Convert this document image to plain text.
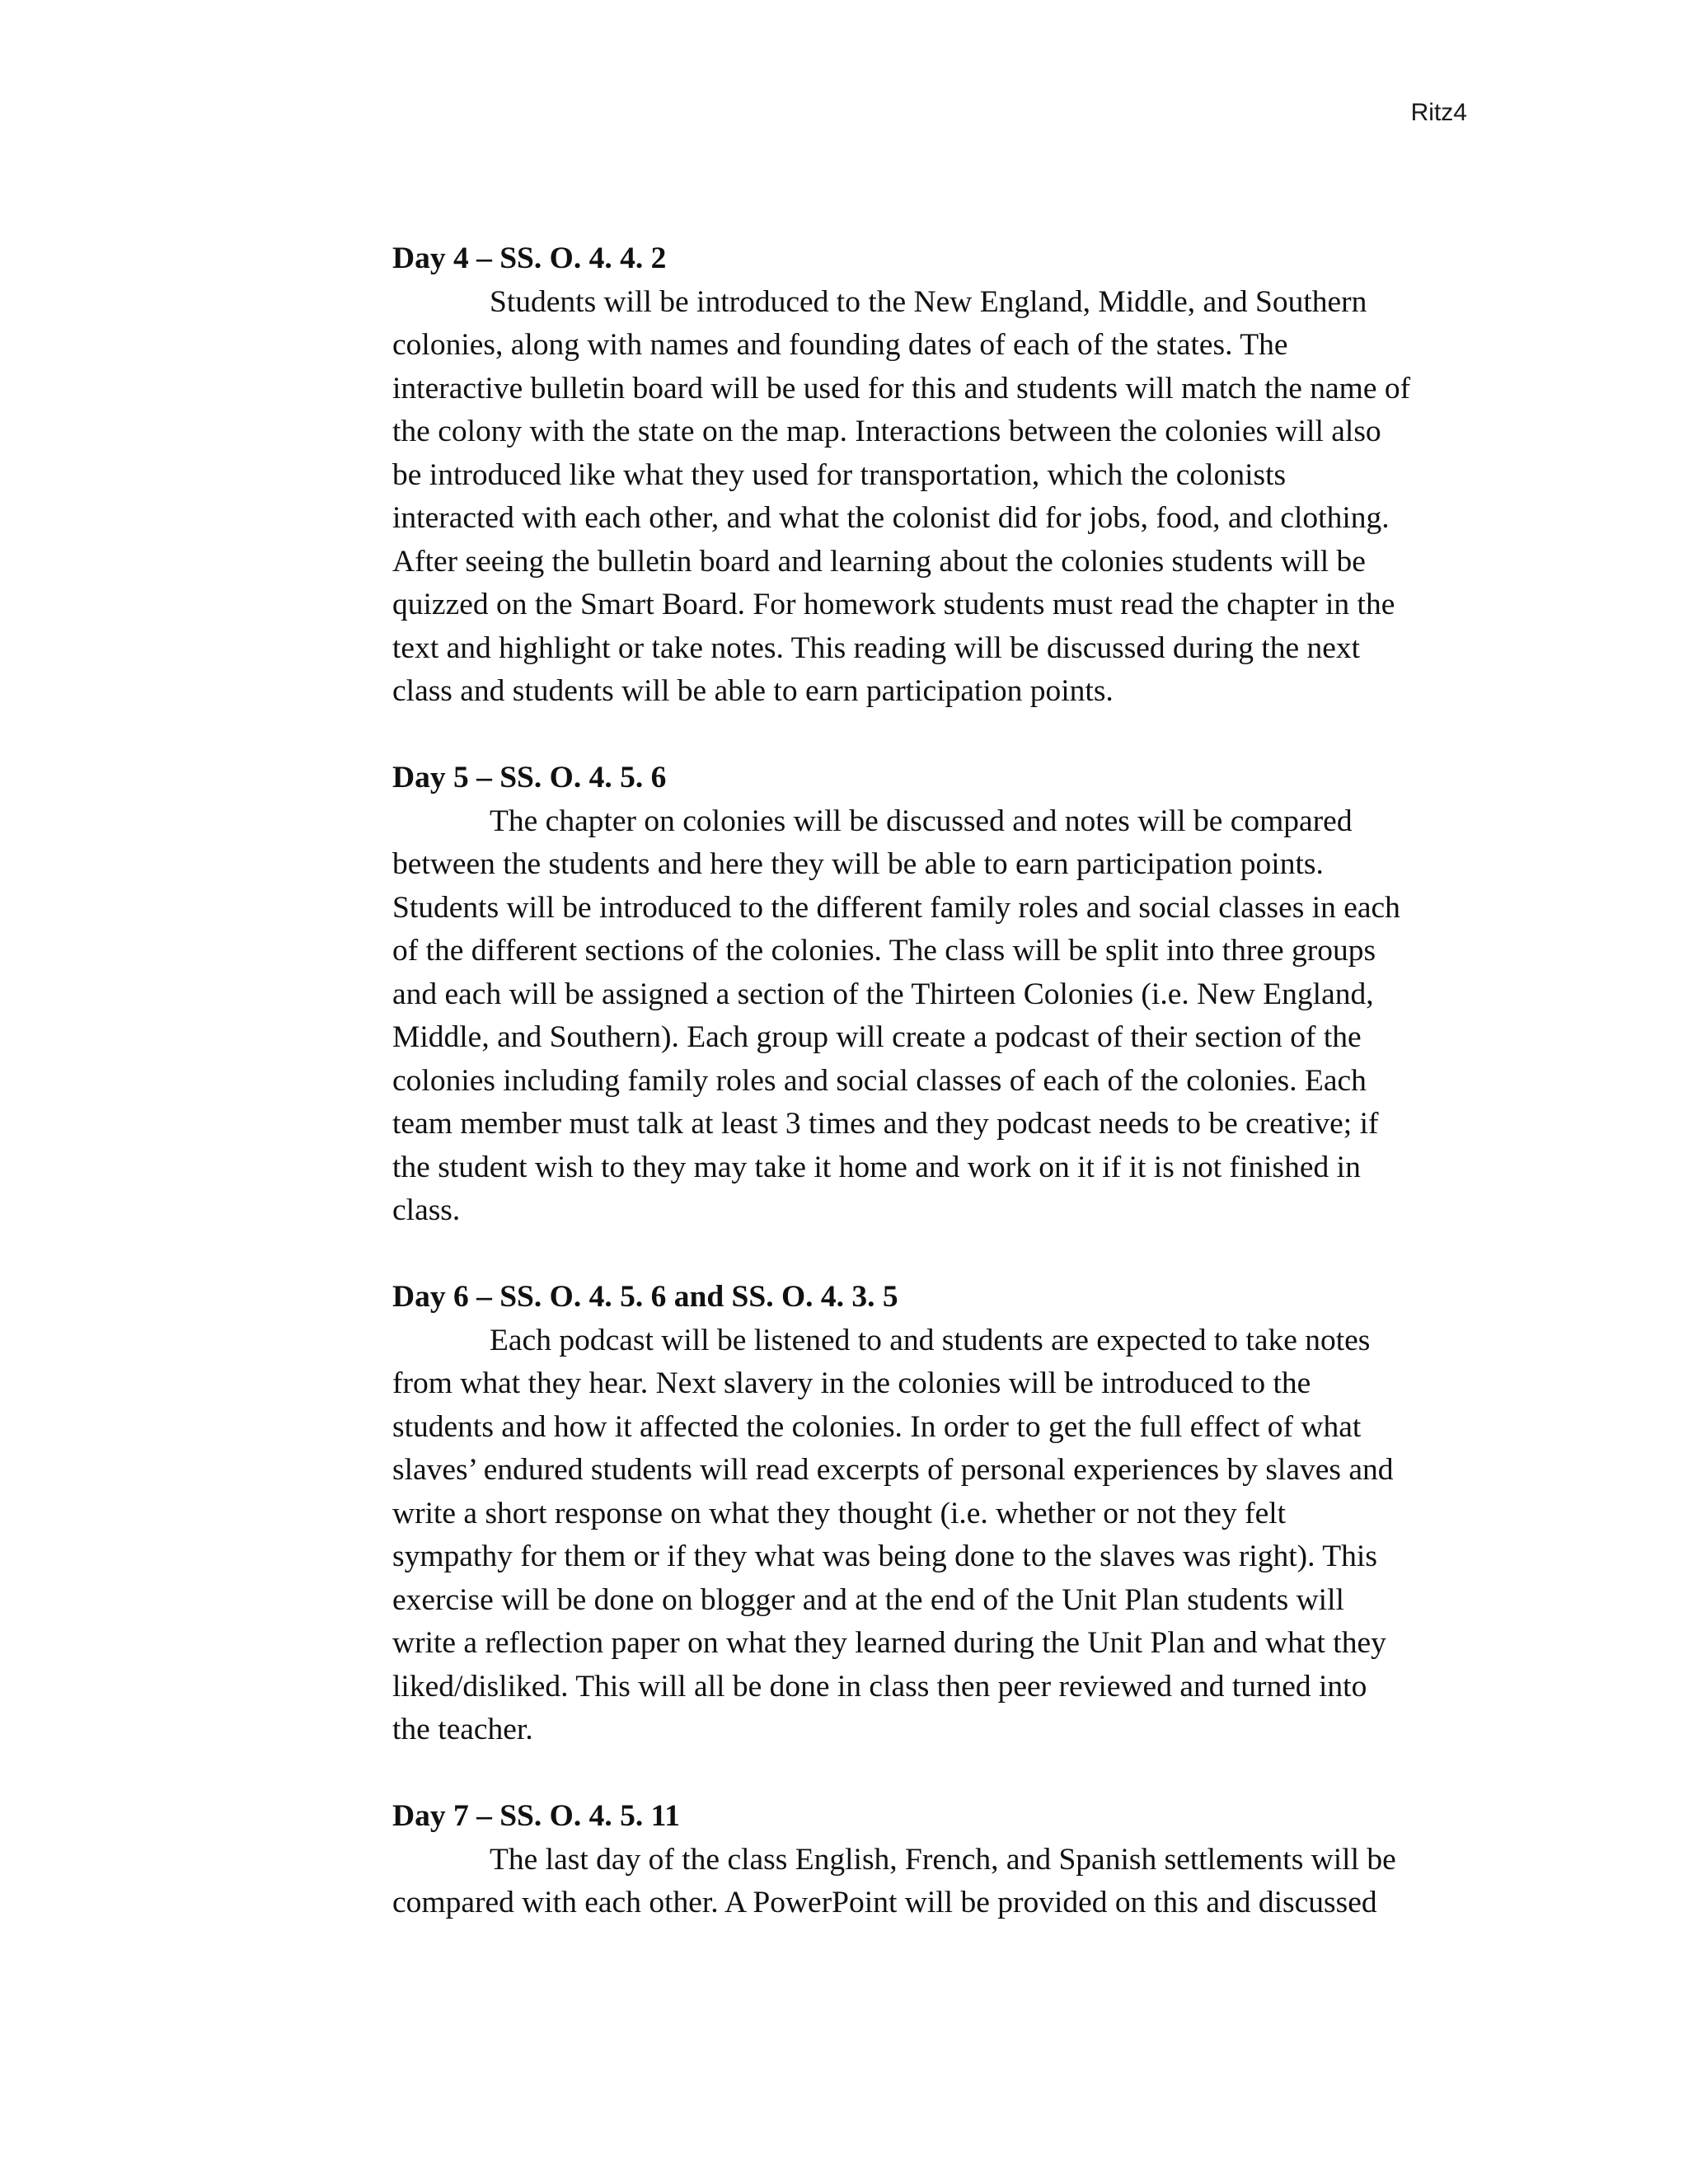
Ritz4
Day 4 – SS. O. 4. 4. 2
Students will be introduced to the New England, Middle, and Southern
colonies, along with names and founding dates of each of the states. The
interactive bulletin board will be used for this and students will match the name of
the colony with the state on the map. Interactions between the colonies will also
be introduced like what they used for transportation, which the colonists
interacted with each other, and what the colonist did for jobs, food, and clothing.
After seeing the bulletin board and learning about the colonies students will be
quizzed on the Smart Board. For homework students must read the chapter in the
text and highlight or take notes. This reading will be discussed during the next
class and students will be able to earn participation points.
Day 5 – SS. O. 4. 5. 6
The chapter on colonies will be discussed and notes will be compared
between the students and here they will be able to earn participation points.
Students will be introduced to the different family roles and social classes in each
of the different sections of the colonies. The class will be split into three groups
and each will be assigned a section of the Thirteen Colonies (i.e. New England,
Middle, and Southern). Each group will create a podcast of their section of the
colonies including family roles and social classes of each of the colonies. Each
team member must talk at least 3 times and they podcast needs to be creative; if
the student wish to they may take it home and work on it if it is not finished in
class.
Day 6 – SS. O. 4. 5. 6 and SS. O. 4. 3. 5
Each podcast will be listened to and students are expected to take notes
from what they hear. Next slavery in the colonies will be introduced to the
students and how it affected the colonies. In order to get the full effect of what
slaves’ endured students will read excerpts of personal experiences by slaves and
write a short response on what they thought (i.e. whether or not they felt
sympathy for them or if they what was being done to the slaves was right). This
exercise will be done on blogger and at the end of the Unit Plan students will
write a reflection paper on what they learned during the Unit Plan and what they
liked/disliked. This will all be done in class then peer reviewed and turned into
the teacher.
Day 7 – SS. O. 4. 5. 11
The last day of the class English, French, and Spanish settlements will be
compared with each other. A PowerPoint will be provided on this and discussed
